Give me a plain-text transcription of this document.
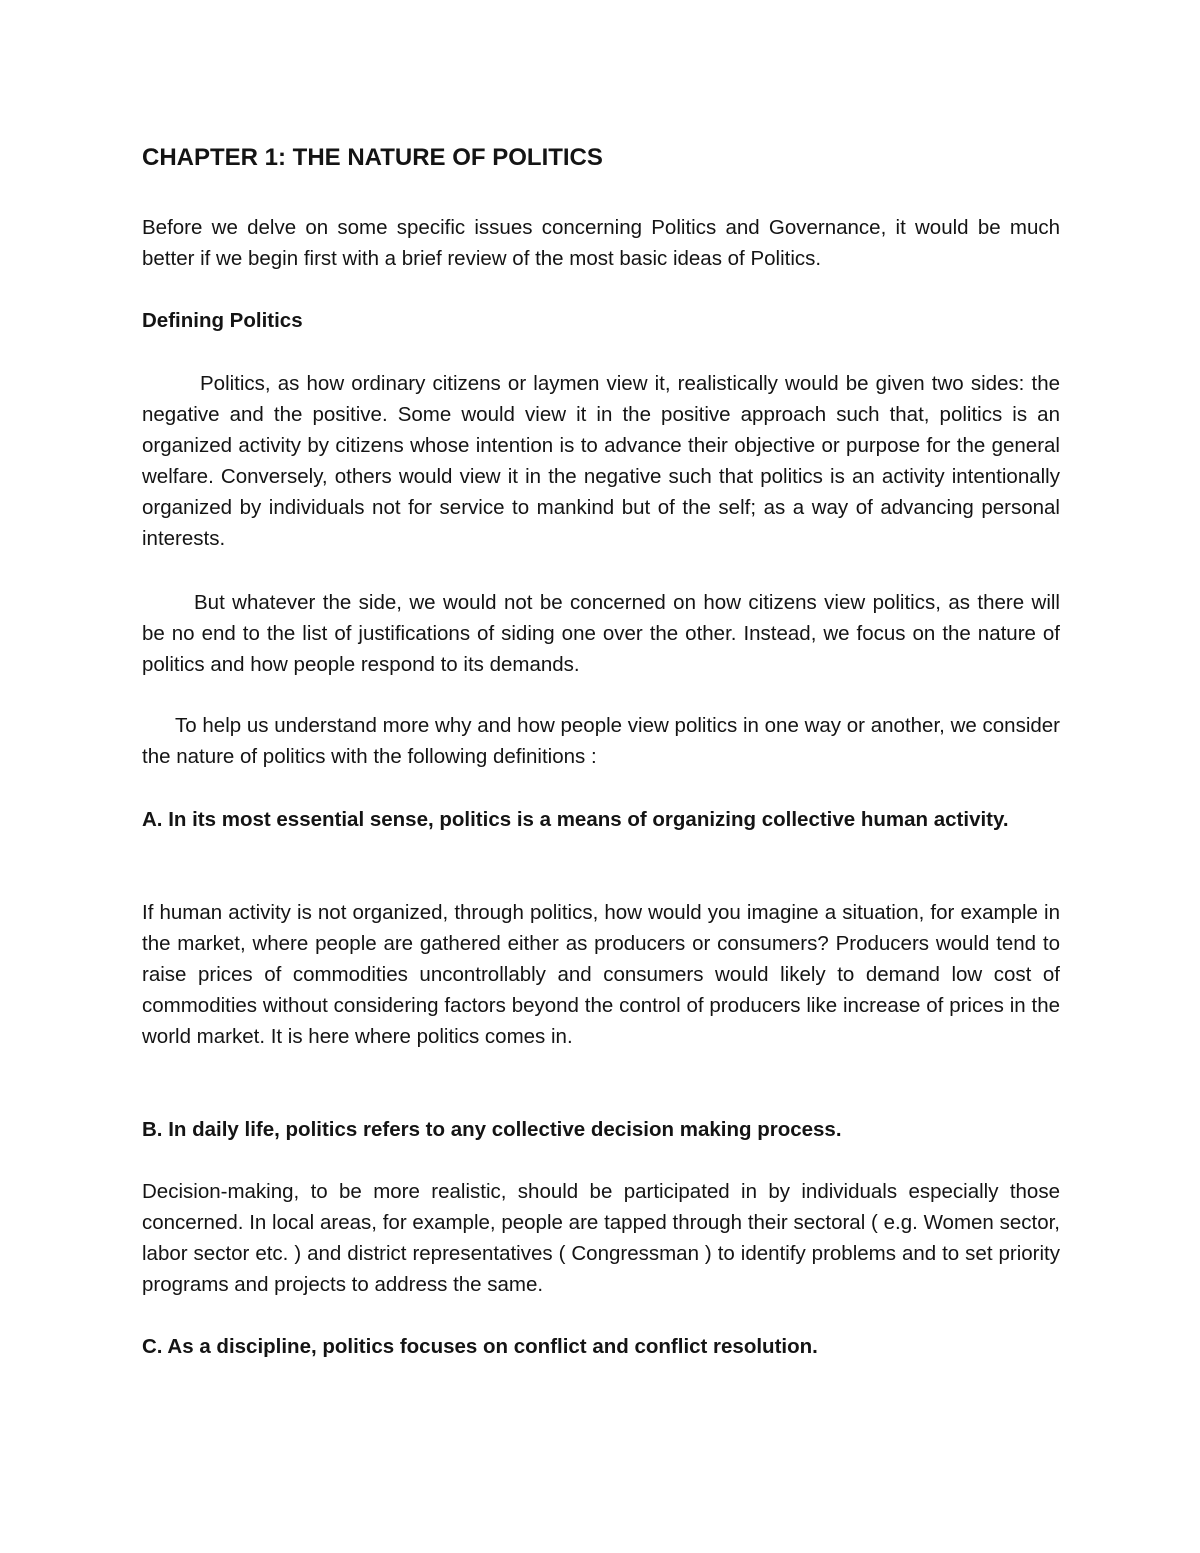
CHAPTER 1: THE NATURE OF POLITICS

Before we delve on some specific issues concerning Politics and Governance, it would be much better if we begin first with a brief review of the most basic ideas of Politics.

Defining Politics

Politics, as how ordinary citizens or laymen view it, realistically would be given two sides: the negative and the positive. Some would view it in the positive approach such that, politics is an organized activity by citizens whose intention is to advance their objective or purpose for the general welfare. Conversely, others would view it in the negative such that politics is an activity intentionally organized by individuals not for service to mankind but of the self; as a way of advancing personal interests.

But whatever the side, we would not be concerned on how citizens view politics, as there will be no end to the list of justifications of siding one over the other. Instead, we focus on the nature of politics and how people respond to its demands.

To help us understand more why and how people view politics in one way or another, we consider the nature of politics with the following definitions :

A. In its most essential sense, politics is a means of organizing collective human activity.

If human activity is not organized, through politics, how would you imagine a situation, for example in the market, where people are gathered either as producers or consumers? Producers would tend to raise prices of commodities uncontrollably and consumers would likely to demand low cost of commodities without considering factors beyond the control of producers like increase of prices in the world market. It is here where politics comes in.

B. In daily life, politics refers to any collective decision making process.

Decision-making, to be more realistic, should be participated in by individuals especially those concerned. In local areas, for example, people are tapped through their sectoral ( e.g. Women sector, labor sector etc. ) and district representatives ( Congressman ) to identify problems and to set priority programs and projects to address the same.

C. As a discipline, politics focuses on conflict and conflict resolution.
